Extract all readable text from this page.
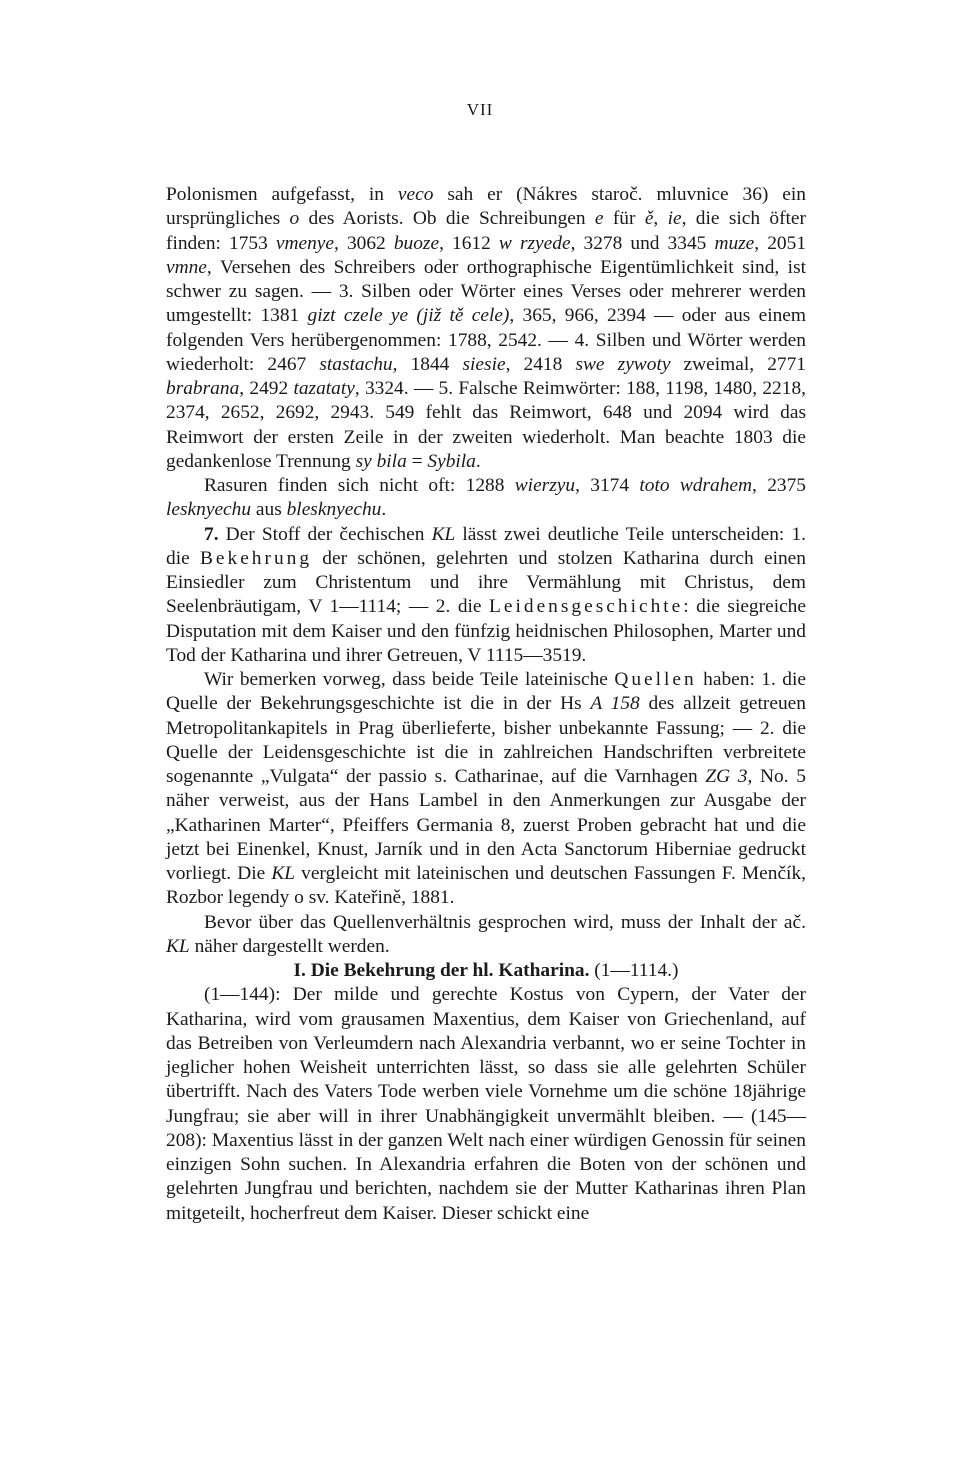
VII

Polonismen aufgefasst, in veco sah er (Nákres staroč. mluvnice 36) ein ursprüngliches o des Aorists. Ob die Schreibungen e für ě, ie, die sich öfter finden: 1753 vmenye, 3062 buoze, 1612 w rzyede, 3278 und 3345 muze, 2051 vmne, Versehen des Schreibers oder orthographische Eigentümlichkeit sind, ist schwer zu sagen. — 3. Silben oder Wörter eines Verses oder mehrerer werden umgestellt: 1381 gizt czele ye (již tě cele), 365, 966, 2394 — oder aus einem folgenden Vers herübergenommen: 1788, 2542. — 4. Silben und Wörter werden wiederholt: 2467 stastachu, 1844 siesie, 2418 swe zywoty zweimal, 2771 brabrana, 2492 tazataty, 3324. — 5. Falsche Reimwörter: 188, 1198, 1480, 2218, 2374, 2652, 2692, 2943. 549 fehlt das Reimwort, 648 und 2094 wird das Reimwort der ersten Zeile in der zweiten wiederholt. Man beachte 1803 die gedankenlose Trennung sy bila = Sybila.

Rasuren finden sich nicht oft: 1288 wierzyu, 3174 toto wdrahem, 2375 lesknyechu aus blesknyechu.

7. Der Stoff der čechischen KL lässt zwei deutliche Teile unterscheiden: 1. die Bekehrung der schönen, gelehrten und stolzen Katharina durch einen Einsiedler zum Christentum und ihre Vermählung mit Christus, dem Seelenbräutigam, V 1—1114; — 2. die Leidensgeschichte: die siegreiche Disputation mit dem Kaiser und den fünfzig heidnischen Philosophen, Marter und Tod der Katharina und ihrer Getreuen, V 1115—3519.

Wir bemerken vorweg, dass beide Teile lateinische Quellen haben: 1. die Quelle der Bekehrungsgeschichte ist die in der Hs A 158 des allzeit getreuen Metropolitankapitels in Prag überlieferte, bisher unbekannte Fassung; — 2. die Quelle der Leidensgeschichte ist die in zahlreichen Handschriften verbreitete sogenannte „Vulgata“ der passio s. Catharinae, auf die Varnhagen ZG 3, No. 5 näher verweist, aus der Hans Lambel in den Anmerkungen zur Ausgabe der „Katharinen Marter“, Pfeiffers Germania 8, zuerst Proben gebracht hat und die jetzt bei Einenkel, Knust, Jarník und in den Acta Sanctorum Hiberniae gedruckt vorliegt. Die KL vergleicht mit lateinischen und deutschen Fassungen F. Menčík, Rozbor legendy o sv. Kateřině, 1881.

Bevor über das Quellenverhältnis gesprochen wird, muss der Inhalt der ač. KL näher dargestellt werden.

I. Die Bekehrung der hl. Katharina. (1—1114.)

(1—144): Der milde und gerechte Kostus von Cypern, der Vater der Katharina, wird vom grausamen Maxentius, dem Kaiser von Griechenland, auf das Betreiben von Verleumdern nach Alexandria verbannt, wo er seine Tochter in jeglicher hohen Weisheit unterrichten lässt, so dass sie alle gelehrten Schüler übertrifft. Nach des Vaters Tode werben viele Vornehme um die schöne 18jährige Jungfrau; sie aber will in ihrer Unabhängigkeit unvermählt bleiben. — (145—208): Maxentius lässt in der ganzen Welt nach einer würdigen Genossin für seinen einzigen Sohn suchen. In Alexandria erfahren die Boten von der schönen und gelehrten Jungfrau und berichten, nachdem sie der Mutter Katharinas ihren Plan mitgeteilt, hocherfreut dem Kaiser. Dieser schickt eine
